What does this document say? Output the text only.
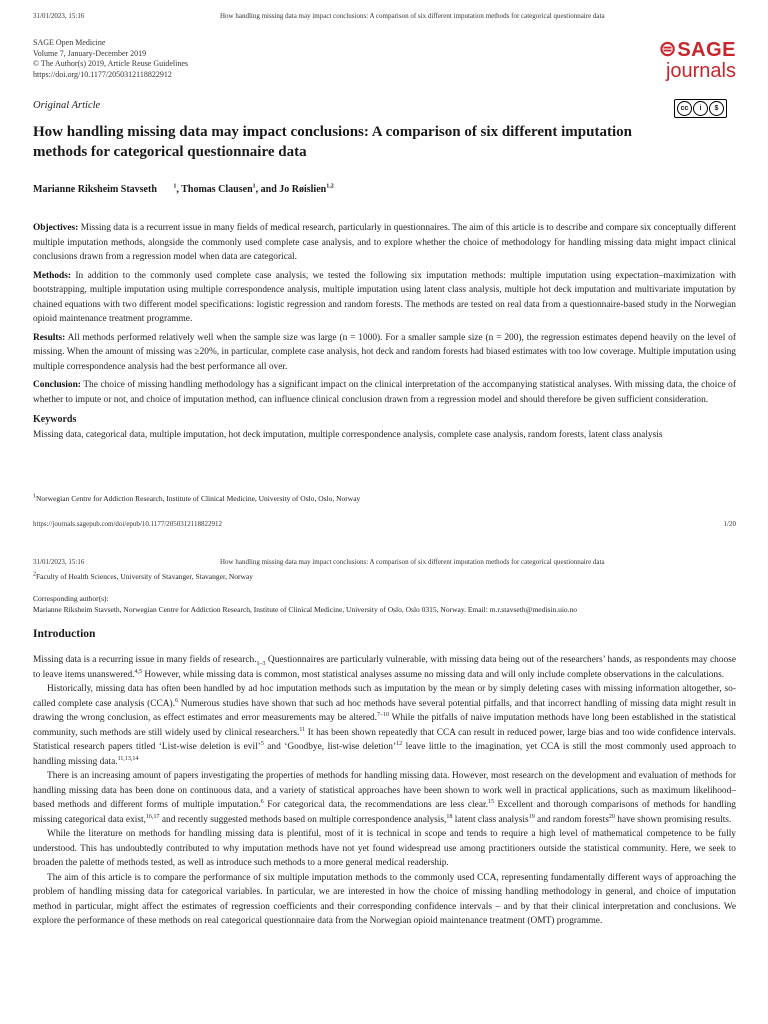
31/01/2023, 15:16	How handling missing data may impact conclusions: A comparison of six different imputation methods for categorical questionnaire data
SAGE Open Medicine
Volume 7, January-December 2019
© The Author(s) 2019, Article Reuse Guidelines
https://doi.org/10.1177/2050312118822912
⊜SAGE
journals
Original Article	cc	i	$
How handling missing data may impact conclusions: A comparison of six different imputation methods for categorical questionnaire data
Marianne Riksheim Stavseth	$^1$, Thomas Clausen$^1$, and Jo Røislien$^{1,2}$

Objectives: Missing data is a recurrent issue in many fields of medical research, particularly in questionnaires. The aim of this article is to describe and compare six conceptually different multiple imputation methods, alongside the commonly used complete case analysis, and to explore whether the choice of methodology for handling missing data might impact clinical conclusions drawn from a regression model when data are categorical.

Methods: In addition to the commonly used complete case analysis, we tested the following six imputation methods: multiple imputation using expectation–maximization with bootstrapping, multiple imputation using multiple correspondence analysis, multiple imputation using latent class analysis, multiple hot deck imputation and multivariate imputation by chained equations with two different model specifications: logistic regression and random forests. The methods are tested on real data from a questionnaire-based study in the Norwegian opioid maintenance treatment programme.

Results: All methods performed relatively well when the sample size was large (n = 1000). For a smaller sample size (n = 200), the regression estimates depend heavily on the level of missing. When the amount of missing was ≥20%, in particular, complete case analysis, hot deck and random forests had biased estimates with too low coverage. Multiple imputation using multiple correspondence analysis had the best performance all over.

Conclusion: The choice of missing handling methodology has a significant impact on the clinical interpretation of the accompanying statistical analyses. With missing data, the choice of whether to impute or not, and choice of imputation method, can influence clinical conclusion drawn from a regression model and should therefore be given sufficient consideration.

Keywords

Missing data, categorical data, multiple imputation, hot deck imputation, multiple correspondence analysis, complete case analysis, random forests, latent class analysis

$^1$Norwegian Centre for Addiction Research, Institute of Clinical Medicine, University of Oslo, Oslo, Norway
https://journals.sagepub.com/doi/epub/10.1177/2050312118822912	1/20
31/01/2023, 15:16	How handling missing data may impact conclusions: A comparison of six different imputation methods for categorical questionnaire data
$^2$Faculty of Health Sciences, University of Stavanger, Stavanger, Norway
Corresponding author(s):
Marianne Riksheim Stavseth, Norwegian Centre for Addiction Research, Institute of Clinical Medicine, University of Oslo, Oslo 0315, Norway. Email: m.r.stavseth@medisin.uio.no
Introduction

Missing data is a recurring issue in many fields of $research._{1-3}$ Questionnaires are particularly vulnerable, with missing data being out of the researchers’ hands, as respondents may choose to leave items unanswered.$^{4,5}$ However, while missing data is common, most statistical analyses assume no missing data and will only include complete observations in the calculations.

Historically, missing data has often been handled by ad hoc imputation methods such as imputation by the mean or by simply deleting cases with missing information altogether, so-called complete case analysis (CCA).$^6$ Numerous studies have shown that such ad hoc methods have several potential pitfalls, and that incorrect handling of missing data might result in drawing the wrong conclusion, as effect estimates and error measurements may be altered.$^{7-10}$ While the pitfalls of naive imputation methods have long been established in the statistical community, such methods are still widely used by clinical researchers.$^{11}$ It has been shown repeatedly that CCA can result in reduced power, large bias and too wide confidence intervals. Statistical research papers titled ‘List-wise deletion is evil’$^5$ and ‘Goodbye, list-wise deletion’$^{12}$ leave little to the imagination, yet CCA is still the most commonly used approach to handling missing data.$^{11,13,14}$

There is an increasing amount of papers investigating the properties of methods for handling missing data. However, most research on the development and evaluation of methods for handling missing data has been done on continuous data, and a variety of statistical approaches have been shown to work well in practical applications, such as maximum likelihood–based methods and different forms of multiple imputation.$^6$ For categorical data, the recommendations are less clear.$^{15}$ Excellent and thorough comparisons of methods for handling missing categorical data exist,$^{16,17}$ and recently suggested methods based on multiple correspondence analysis,$^{18}$ latent class analysis$^{19}$ and random forests$^{20}$ have shown promising results.

While the literature on methods for handling missing data is plentiful, most of it is technical in scope and tends to require a high level of mathematical competence to be fully understood. This has undoubtedly contributed to why imputation methods have not yet found widespread use among practitioners outside the statistical community. Here, we seek to broaden the palette of methods tested, as well as introduce such methods to a more general medical readership.

The aim of this article is to compare the performance of six multiple imputation methods to the commonly used CCA, representing fundamentally different ways of approaching the problem of handling missing data for categorical variables. In particular, we are interested in how the choice of missing handling methodology in general, and choice of imputation method in particular, might affect the estimates of regression coefficients and their corresponding confidence intervals – and by that their clinical interpretation and conclusions. We explore the performance of these methods on real categorical questionnaire data from the Norwegian opioid maintenance treatment (OMT) programme.
